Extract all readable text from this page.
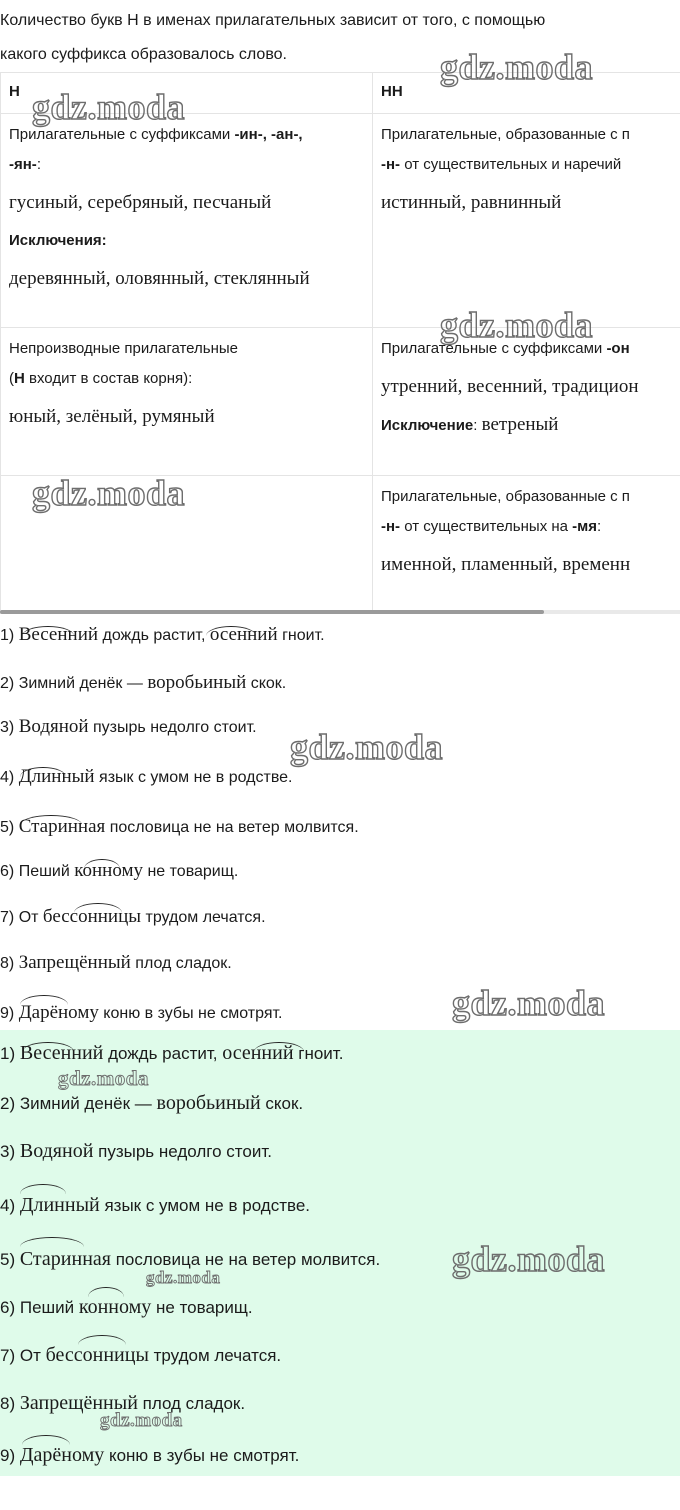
Количество букв Н в именах прилагательных зависит от того, с помощью
какого суффикса образовалось слово.
Н	НН
Прилагательные с суффиксами -ин-, -ан-,
-ян-:
гусиный, серебряный, песчаный
Исключения:
деревянный, оловянный, стеклянный	Прилагательные, образованные с п
-н- от существительных и наречий
истинный, равнинный

Непроизводные прилагательные
(Н входит в состав корня):
юный, зелёный, румяный	Прилагательные с суффиксами -он
утренний, весенний, традицион
Исключение: ветреный
	Прилагательные, образованные с п
-н- от существительных на -мя:
именной, пламенный, временн
1) Весенний дождь растит, осенний гноит.
2) Зимний денёк — воробьиный скок.
3) Водяной пузырь недолго стоит.
4) Длинный язык с умом не в родстве.
5) Старинная пословица не на ветер молвится.
6) Пеший конному не товарищ.
7) От бессонницы трудом лечатся.
8) Запрещённый плод сладок.
9) Дарёному коню в зубы не смотрят.
1) Весенний дождь растит, осенний гноит.
2) Зимний денёк — воробьиный скок.
3) Водяной пузырь недолго стоит.
4) Длинный язык с умом не в родстве.
5) Старинная пословица не на ветер молвится.
6) Пеший конному не товарищ.
7) От бессонницы трудом лечатся.
8) Запрещённый плод сладок.
9) Дарёному коню в зубы не смотрят.
gdz.moda
gdz.moda
gdz.moda
gdz.moda
gdz.moda
gdz.moda
